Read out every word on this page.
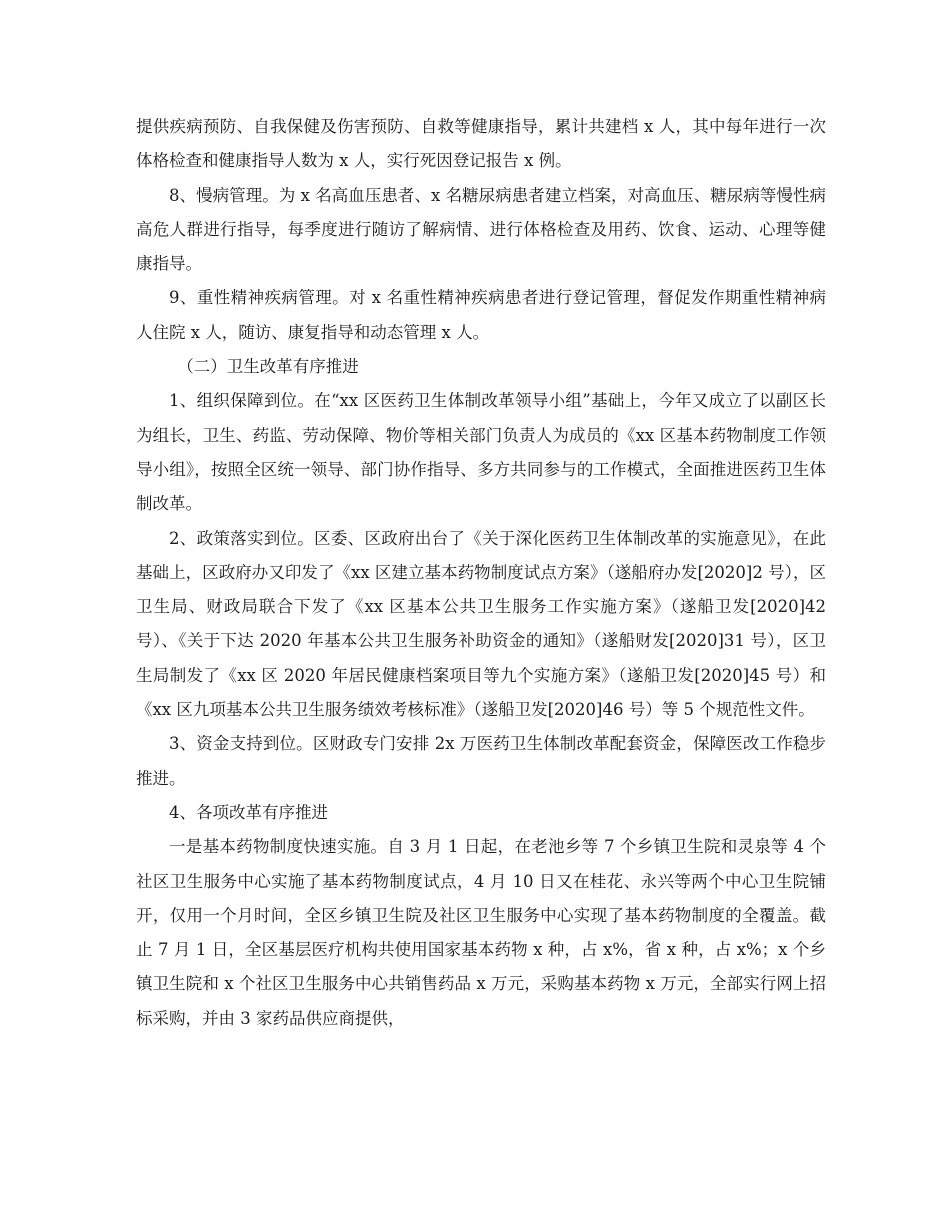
提供疾病预防、自我保健及伤害预防、自救等健康指导，累计共建档 x 人，其中每年进行一次体格检查和健康指导人数为 x 人，实行死因登记报告 x 例。

8、慢病管理。为 x 名高血压患者、x 名糖尿病患者建立档案，对高血压、糖尿病等慢性病高危人群进行指导，每季度进行随访了解病情、进行体格检查及用药、饮食、运动、心理等健康指导。

9、重性精神疾病管理。对 x 名重性精神疾病患者进行登记管理，督促发作期重性精神病人住院 x 人，随访、康复指导和动态管理 x 人。

（二）卫生改革有序推进

1、组织保障到位。在“xx 区医药卫生体制改革领导小组”基础上，今年又成立了以副区长为组长，卫生、药监、劳动保障、物价等相关部门负责人为成员的《xx 区基本药物制度工作领导小组》，按照全区统一领导、部门协作指导、多方共同参与的工作模式，全面推进医药卫生体制改革。

2、政策落实到位。区委、区政府出台了《关于深化医药卫生体制改革的实施意见》，在此基础上，区政府办又印发了《xx 区建立基本药物制度试点方案》（遂船府办发[2020]2 号），区卫生局、财政局联合下发了《xx 区基本公共卫生服务工作实施方案》（遂船卫发[2020]42 号）、《关于下达 2020 年基本公共卫生服务补助资金的通知》（遂船财发[2020]31 号），区卫生局制发了《xx 区 2020 年居民健康档案项目等九个实施方案》（遂船卫发[2020]45 号）和《xx 区九项基本公共卫生服务绩效考核标准》（遂船卫发[2020]46 号）等 5 个规范性文件。

3、资金支持到位。区财政专门安排 2x 万医药卫生体制改革配套资金，保障医改工作稳步推进。

4、各项改革有序推进

一是基本药物制度快速实施。自 3 月 1 日起，在老池乡等 7 个乡镇卫生院和灵泉等 4 个社区卫生服务中心实施了基本药物制度试点，4 月 10 日又在桂花、永兴等两个中心卫生院铺开，仅用一个月时间，全区乡镇卫生院及社区卫生服务中心实现了基本药物制度的全覆盖。截止 7 月 1 日，全区基层医疗机构共使用国家基本药物 x 种，占 x%，省 x 种，占 x%；x 个乡镇卫生院和 x 个社区卫生服务中心共销售药品 x 万元，采购基本药物 x 万元，全部实行网上招标采购，并由 3 家药品供应商提供，
